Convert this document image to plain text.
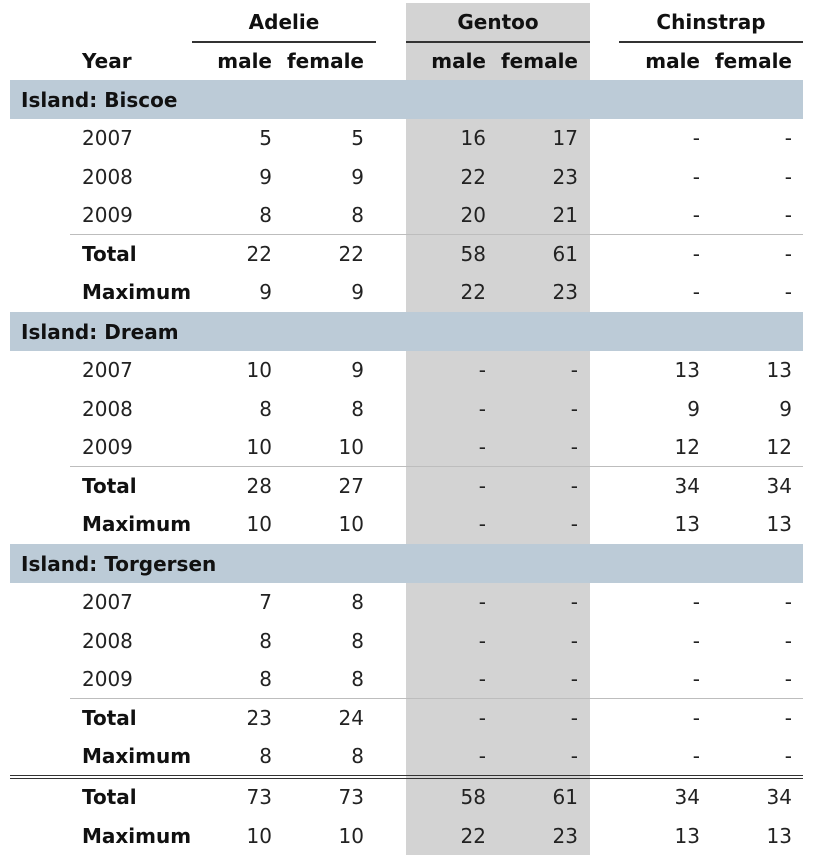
Adelie	Gentoo	Chinstrap
Year	male female	male female	male female
Island: Biscoe
2007	5	5	16	17	-	-
2008	9	9	22	23	-	-
2009	8	8	20	21	-	-
Total	22	22	58	61	-	-
Maximum	9	9	22	23	-	-
Island: Dream
2007	10	9	-	-	13	13
2008	8	8	-	-	9	9
2009	10	10	-	-	12	12
Total	28	27	-	-	34	34
Maximum	10	10	-	-	13	13
Island: Torgersen
2007	7	8	-	-	-	-
2008	8	8	-	-	-	-
2009	8	8	-	-	-	-
Total	23	24	-	-	-	-
Maximum	8	8	-	-	-	-
Total	73	73	58	61	34	34
Maximum	10	10	22	23	13	13
